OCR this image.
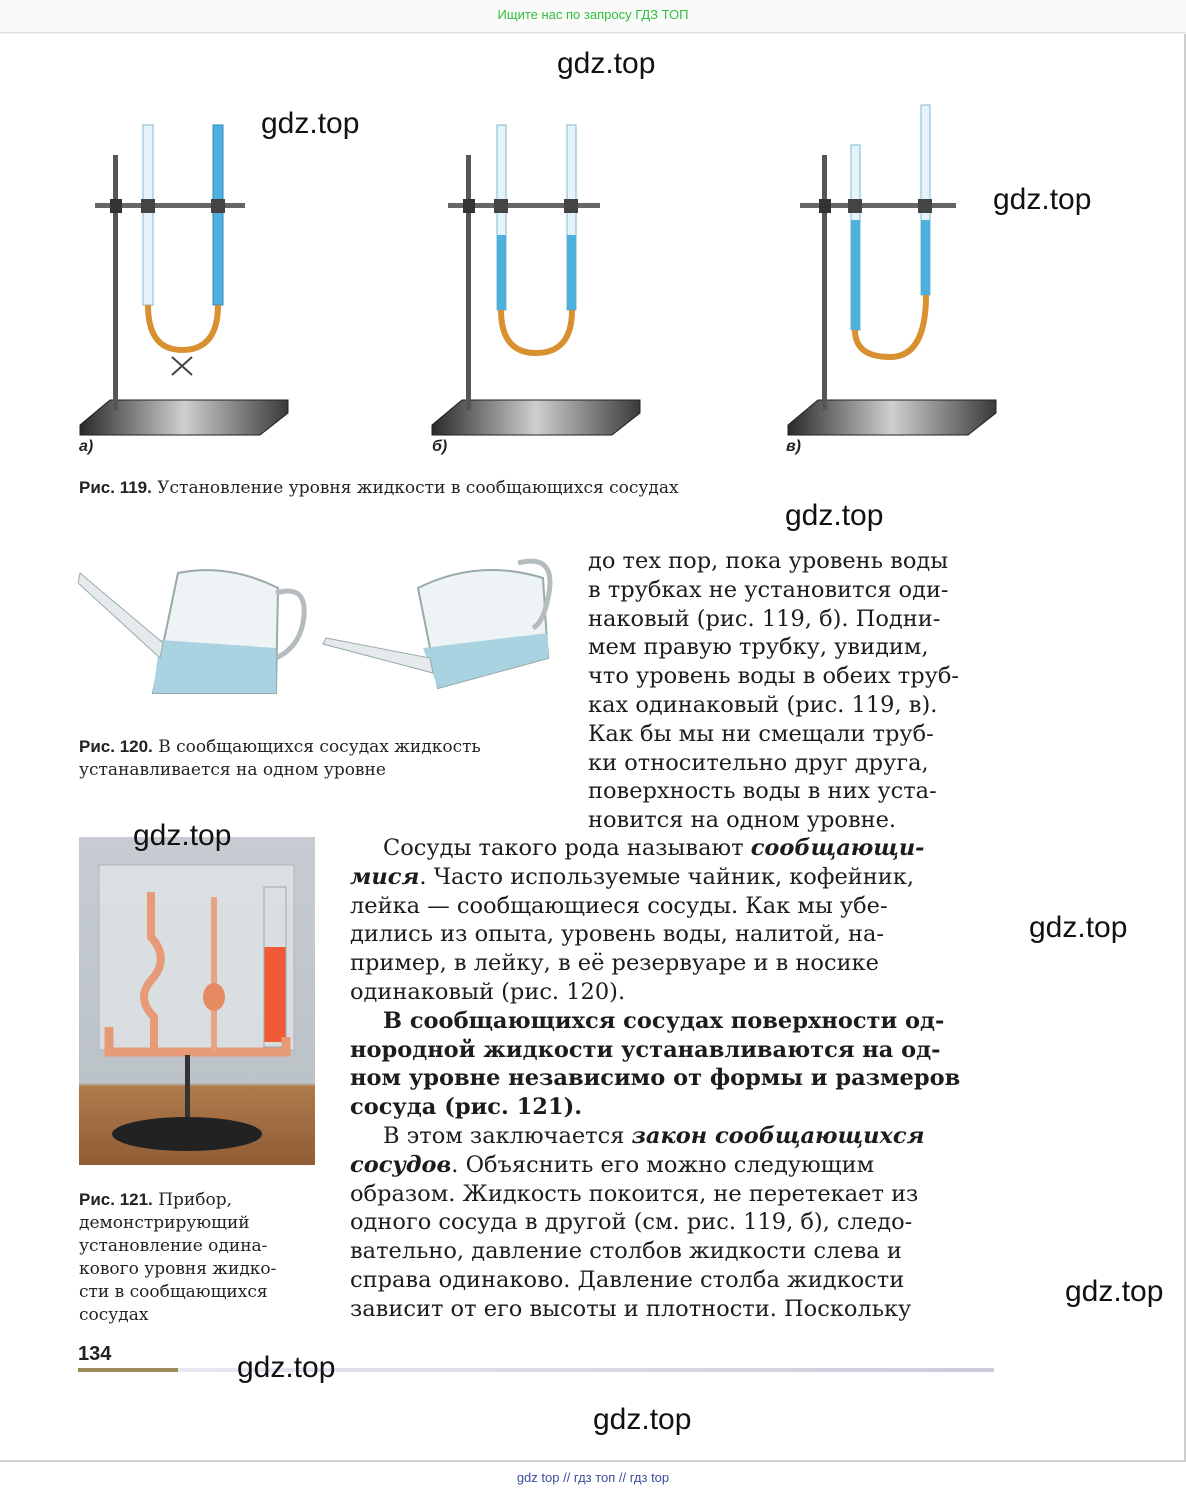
Ищите нас по запросу ГДЗ ТОП
а)	б)	в)
Рис. 119. Установление уровня жидкости в сообщающихся сосудах
Рис. 120. В сообщающихся сосудах жидкость
устанавливается на одном уровне
до тех пор, пока уровень воды
в трубках не установится оди-
наковый (рис. 119, б). Подни-
мем правую трубку, увидим,
что уровень воды в обеих труб-
ках одинаковый (рис. 119, в).
Как бы мы ни смещали труб-
ки относительно друг друга,
поверхность воды в них уста-
новится на одном уровне.
Рис. 121. Прибор,
демонстрирующий
установление одина-
кового уровня жидко-
сти в сообщающихся
сосудах
Сосуды такого рода называют сообщающи-
мися. Часто используемые чайник, кофейник,
лейка — сообщающиеся сосуды. Как мы убе-
дились из опыта, уровень воды, налитой, на-
пример, в лейку, в её резервуаре и в носике
одинаковый (рис. 120).
В сообщающихся сосудах поверхности од-
нородной жидкости устанавливаются на од-
ном уровне независимо от формы и размеров
сосуда (рис. 121).
В этом заключается закон сообщающихся
сосудов. Объяснить его можно следующим
образом. Жидкость покоится, не перетекает из
одного сосуда в другой (см. рис. 119, б), следо-
вательно, давление столбов жидкости слева и
справа одинаково. Давление столба жидкости
зависит от его высоты и плотности. Поскольку
134
gdz.top
gdz.top
gdz.top
gdz.top
gdz.top
gdz.top
gdz.top
gdz.top
gdz.top
gdz top // гдз топ // гдз top
